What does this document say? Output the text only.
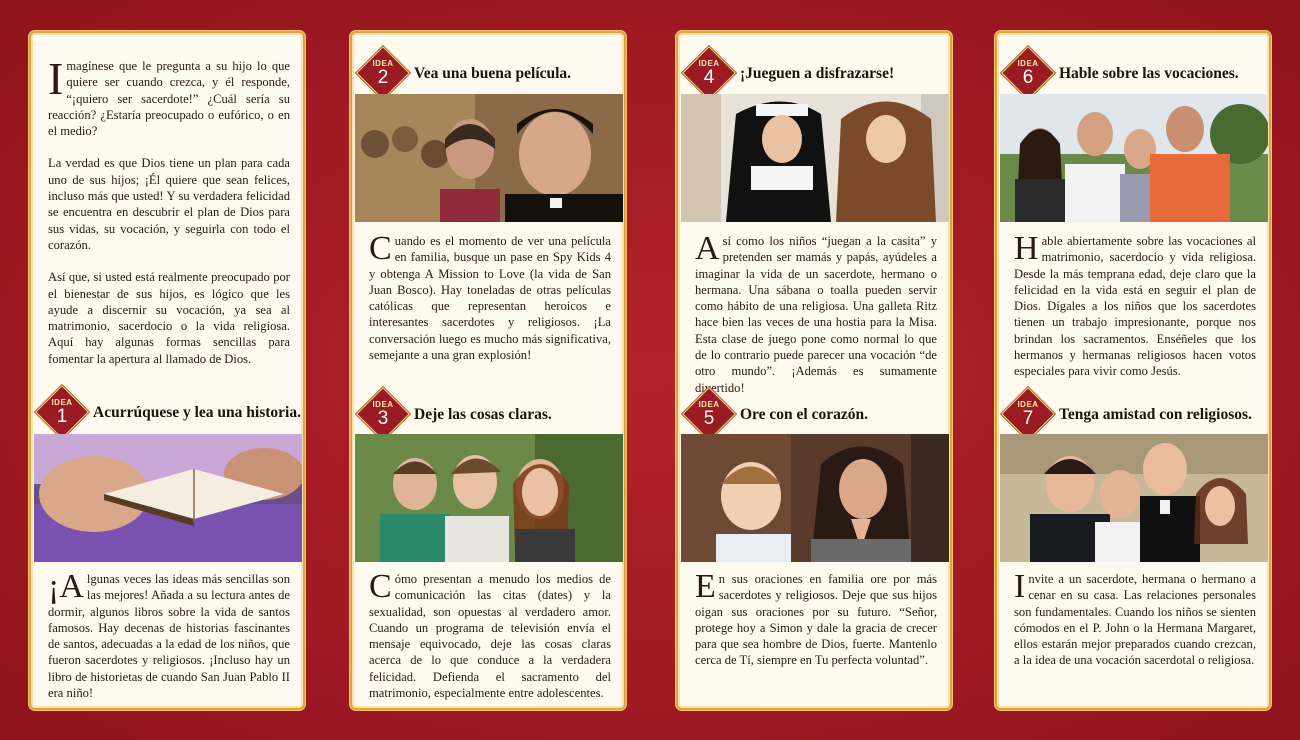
Imagínese que le pregunta a su hijo lo que quiere ser cuando crezca, y él responde, “¡quiero ser sacerdote!” ¿Cuál sería su reacción? ¿Estaría preocupado o eufórico, o en el medio?

La verdad es que Dios tiene un plan para cada uno de sus hijos; ¡Él quiere que sean felices, incluso más que usted! Y su verdadera felicidad se encuentra en descubrir el plan de Dios para sus vidas, su vocación, y seguirla con todo el corazón.

Así que, si usted está realmente preocupado por el bienestar de sus hijos, es lógico que les ayude a discernir su vocación, ya sea al matrimonio, sacerdocio o la vida religiosa. Aquí hay algunas formas sencillas para fomentar la apertura al llamado de Dios.

IDEA
1	Acurrúquese y lea una historia.
¡A lgunas veces las ideas más sencillas son las mejores! Añada a su lectura antes de dormir, algunos libros sobre la vida de santos famosos. Hay decenas de historias fascinantes de santos, adecuadas a la edad de los niños, que fueron sacerdotes y religiosos. ¡Incluso hay un libro de historietas de cuando San Juan Pablo II era niño!
IDEA
2	Vea una buena película.
Cuando es el momento de ver una película en familia, busque un pase en Spy Kids 4 y obtenga A Mission to Love (la vida de San Juan Bosco). Hay toneladas de otras películas católicas que representan heroicos e interesantes sacerdotes y religiosos. ¡La conversación luego es mucho más significativa, semejante a una gran explosión!
IDEA
3	Deje las cosas claras.
Cómo presentan a menudo los medios de comunicación las citas (dates) y la sexualidad, son opuestas al verdadero amor. Cuando un programa de televisión envía el mensaje equivocado, deje las cosas claras acerca de lo que conduce a la verdadera felicidad. Defienda el sacramento del matrimonio, especialmente entre adolescentes.
IDEA
4	¡Jueguen a disfrazarse!
Así como los niños “juegan a la casita” y pretenden ser mamás y papás, ayúdeles a imaginar la vida de un sacerdote, hermano o hermana. Una sábana o toalla pueden servir como hábito de una religiosa. Una galleta Ritz hace bien las veces de una hostia para la Misa. Esta clase de juego pone como normal lo que de lo contrario puede parecer una vocación “de otro mundo”. ¡Además es sumamente divertido!
IDEA
5	Ore con el corazón.
En sus oraciones en familia ore por más sacerdotes y religiosos. Deje que sus hijos oigan sus oraciones por su futuro. “Señor, protege hoy a Simon y dale la gracia de crecer para que sea hombre de Dios, fuerte. Mantenlo cerca de Tí, siempre en Tu perfecta voluntad”.
IDEA
6	Hable sobre las vocaciones.
Hable abiertamente sobre las vocaciones al matrimonio, sacerdocio y vida religiosa. Desde la más temprana edad, deje claro que la felicidad en la vida está en seguir el plan de Dios. Dígales a los niños que los sacerdotes tienen un trabajo impresionante, porque nos brindan los sacramentos. Enséñeles que los hermanos y hermanas religiosos hacen votos especiales para vivir como Jesús.
IDEA
7	Tenga amistad con religiosos.
Invite a un sacerdote, hermana o hermano a cenar en su casa. Las relaciones personales son fundamentales. Cuando los niños se sienten cómodos en el P. John o la Hermana Margaret, ellos estarán mejor preparados cuando crezcan, a la idea de una vocación sacerdotal o religiosa.
